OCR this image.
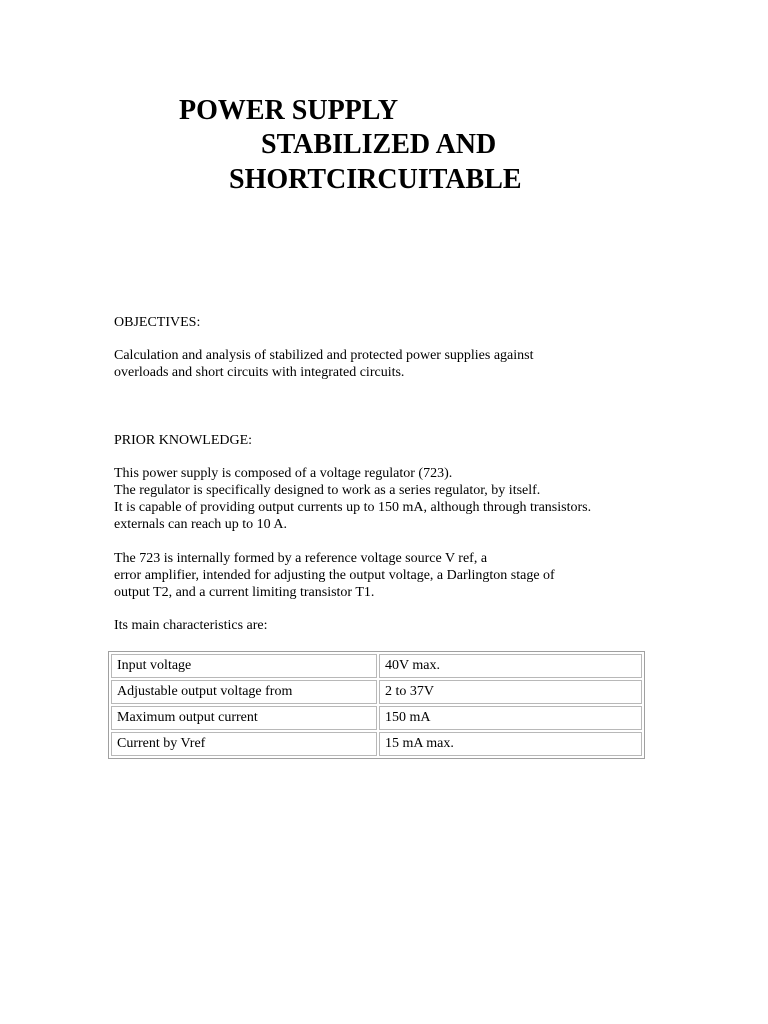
POWER SUPPLY
STABILIZED AND
SHORTCIRCUITABLE

OBJECTIVES:

Calculation and analysis of stabilized and protected power supplies against
overloads and short circuits with integrated circuits.

PRIOR KNOWLEDGE:

This power supply is composed of a voltage regulator (723).
The regulator is specifically designed to work as a series regulator, by itself.
It is capable of providing output currents up to 150 mA, although through transistors.
externals can reach up to 10 A.

The 723 is internally formed by a reference voltage source V ref, a
error amplifier, intended for adjusting the output voltage, a Darlington stage of
output T2, and a current limiting transistor T1.

Its main characteristics are:

Input voltage	40V max.
Adjustable output voltage from	2 to 37V
Maximum output current	150 mA
Current by Vref	15 mA max.
